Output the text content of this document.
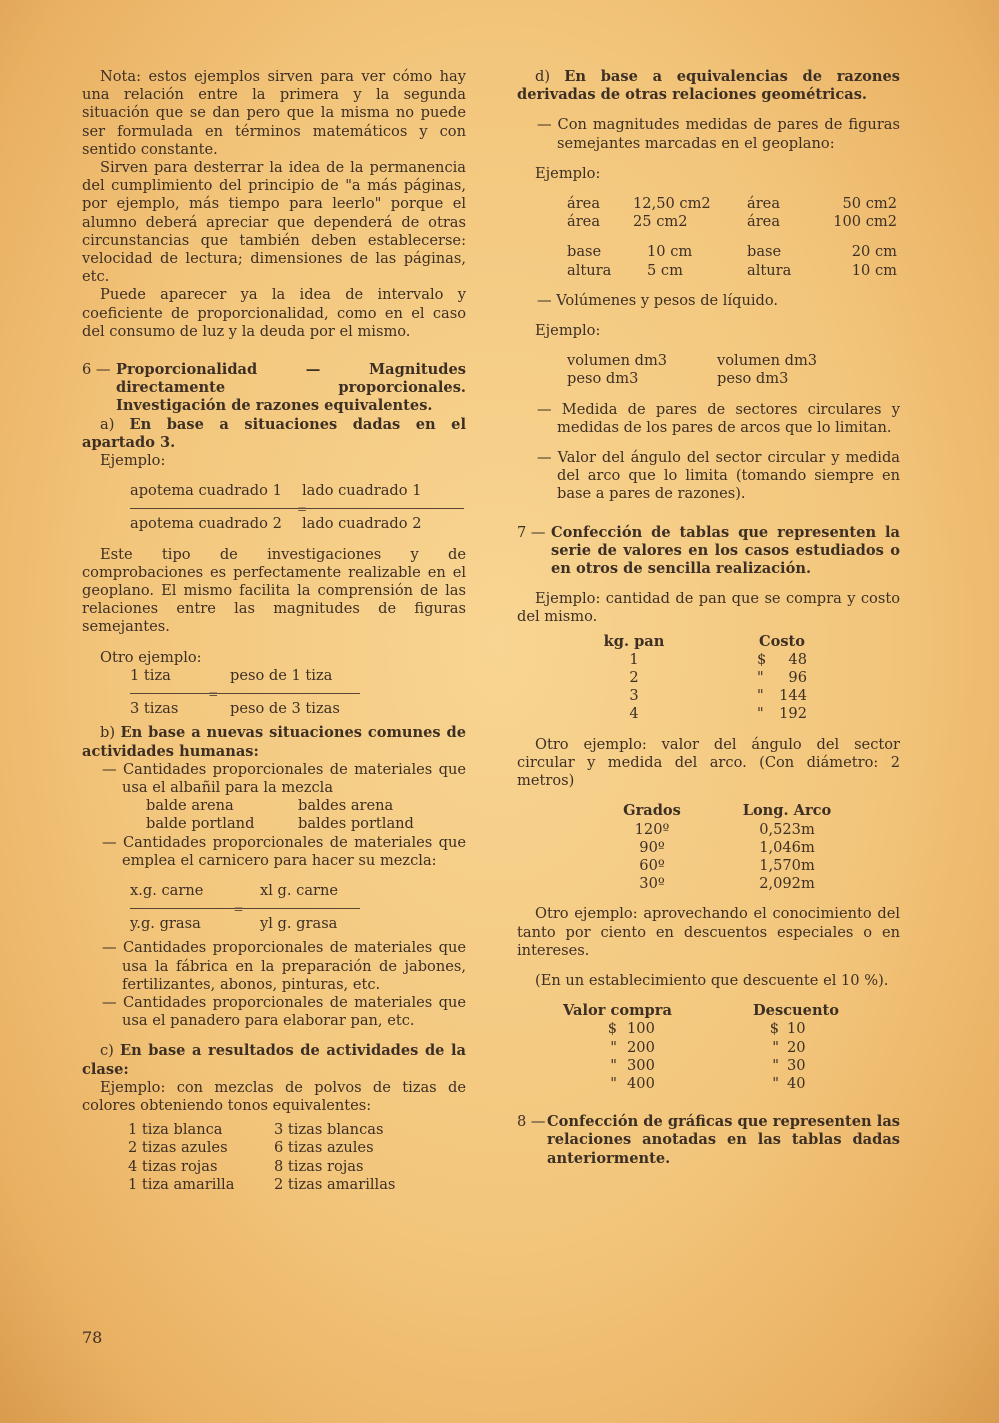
Nota: estos ejemplos sirven para ver cómo hay una relación entre la primera y la segunda situación que se dan pero que la misma no puede ser formulada en términos matemáticos y con sentido constante.

Sirven para desterrar la idea de la permanencia del cumplimiento del principio de "a más páginas, por ejemplo, más tiempo para leerlo" porque el alumno deberá apreciar que dependerá de otras circunstancias que también deben establecerse: velocidad de lectura; dimensiones de las páginas, etc.

Puede aparecer ya la idea de intervalo y coeficiente de proporcionalidad, como en el caso del consumo de luz y la deuda por el mismo.

6 — Proporcionalidad — Magnitudes directamente proporcionales. Investigación de razones equivalentes.

a) En base a situaciones dadas en el apartado 3.

Ejemplo:

apotema cuadrado 1	lado cuadrado 1
=
apotema cuadrado 2	lado cuadrado 2

Este tipo de investigaciones y de comprobaciones es perfectamente realizable en el geoplano. El mismo facilita la comprensión de las relaciones entre las magnitudes de figuras semejantes.

Otro ejemplo:

1 tiza	peso de 1 tiza
=
3 tizas	peso de 3 tizas

b) En base a nuevas situaciones comunes de actividades humanas:

— Cantidades proporcionales de materiales que usa el albañil para la mezcla

balde arena	baldes arena
balde portland	baldes portland

— Cantidades proporcionales de materiales que emplea el carnicero para hacer su mezcla:

x.g. carne	xl g. carne
=
y.g. grasa	yl g. grasa

— Cantidades proporcionales de materiales que usa la fábrica en la preparación de jabones, fertilizantes, abonos, pinturas, etc.

— Cantidades proporcionales de materiales que usa el panadero para elaborar pan, etc.

c) En base a resultados de actividades de la clase:

Ejemplo: con mezclas de polvos de tizas de colores obteniendo tonos equivalentes:

1 tiza blanca	3 tizas blancas
2 tizas azules	6 tizas azules
4 tizas rojas	8 tizas rojas
1 tiza amarilla	2 tizas amarillas

d) En base a equivalencias de razones derivadas de otras relaciones geométricas.

— Con magnitudes medidas de pares de figuras semejantes marcadas en el geoplano:

Ejemplo:

área	12,50 cm2	área	50 cm2
área	25 cm2	área	100 cm2
base	10 cm	base	20 cm
altura	5 cm	altura	10 cm

— Volúmenes y pesos de líquido.

Ejemplo:

volumen dm3	volumen dm3
peso dm3	peso dm3

— Medida de pares de sectores circulares y medidas de los pares de arcos que lo limitan.

— Valor del ángulo del sector circular y medida del arco que lo limita (tomando siempre en base a pares de razones).

7 — Confección de tablas que representen la serie de valores en los casos estudiados o en otros de sencilla realización.

Ejemplo: cantidad de pan que se compra y costo del mismo.

kg. pan		Costo	
1		$	48
2		"	96
3		"	144
4		"	192

Otro ejemplo: valor del ángulo del sector circular y medida del arco. (Con diámetro: 2 metros)

Grados	Long. Arco
120º	0,523m
90º	1,046m
60º	1,570m
30º	2,092m

Otro ejemplo: aprovechando el conocimiento del tanto por ciento en descuentos especiales o en intereses.

(En un establecimiento que descuente el 10 %).

Valor compra			Descuento	
$	100		$	10
"	200		"	20
"	300		"	30
"	400		"	40
8 — Confección de gráficas que representen las relaciones anotadas en las tablas dadas anteriormente.
78
